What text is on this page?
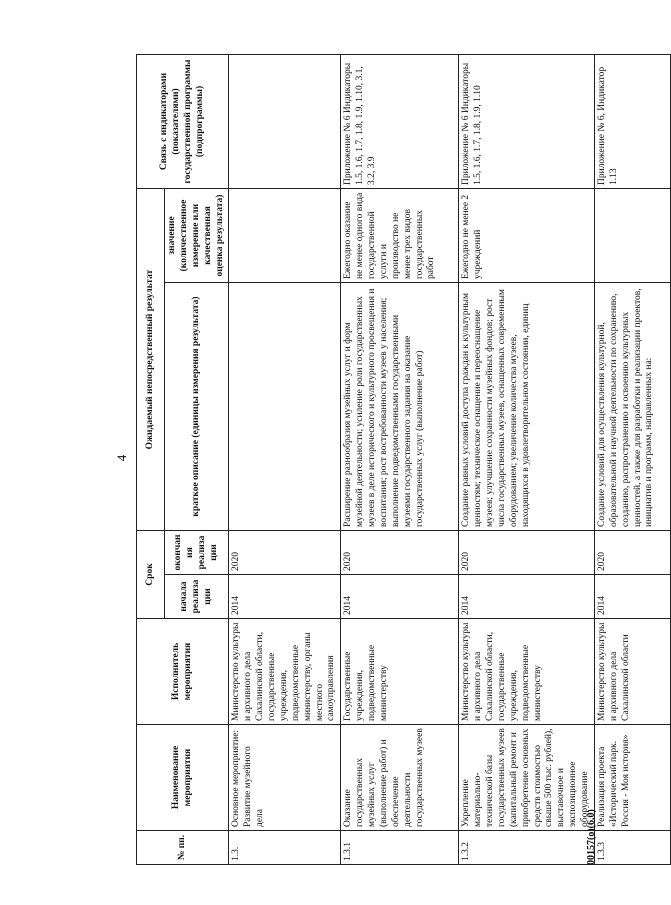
4
№ пп.	Наименование мероприятия	Исполнитель мероприятия	Срок		Ожидаемый непосредственный результат		Связь с индикаторами (показателями) государственной программы (подпрограммы)
			начала реализации	окончания реализации	краткое описание (единицы измерения результата)	значение (количественное измерение или качественная оценка результата)	
1.3.	Основное мероприятие: Развитие музейного дела	Министерство культуры и архивного дела Сахалинской области, государственные учреждения, подведомственные министерству, органы местного самоуправления	2014	2020			
1.3.1	Оказание государственных музейных услуг (выполнение работ) и обеспечение деятельности государственных музеев	Государственные учреждения, подведомственные министерству	2014	2020	Расширение разнообразия музейных услуг и форм музейной деятельности; усиление роли государственных музеев в деле исторического и культурного просвещения и воспитания; рост востребованности музеев у населения; выполнение подведомственными государственными музеями государственного задания на оказание государственных услуг (выполнение работ)	Ежегодно оказание не менее одного вида государственной услуги и производство не менее трех видов государственных работ	Приложение № 6 Индикаторы 1.5, 1.6, 1.7, 1.8, 1.9, 1.10, 3.1, 3.2, 3.9
1.3.2	Укрепление материально-технической базы государственных музеев (капитальный ремонт и приобретение основных средств стоимостью свыше 500 тыс. рублей), выставочное и экспозиционное оборудование	Министерство культуры и архивного дела Сахалинской области, государственные учреждения, подведомственные министерству	2014	2020	Создание равных условий доступа граждан к культурным ценностям; техническое оснащение и переоснащение музеев; улучшение сохранности музейных фондов; рост числа государственных музеев, оснащенных современным оборудованием; увеличение количества музеев, находящихся в удовлетворительном состоянии, единиц	Ежегодно не менее 2 учреждений	Приложение № 6 Индикаторы 1.5, 1.6, 1.7, 1.8, 1.9, 1.10
1.3.3	Реализация проекта «Исторический парк. Россия - Моя история»	Министерство культуры и архивного дела Сахалинской области	2014	2020	Создание условий для осуществления культурной, образовательной и научной деятельности по сохранению, созданию, распространению и освоению культурных ценностей, а также для разработки и реализации проектов, инициатив и программ, направленных на:		Приложение № 6, Индикатор 1.13
00157(o)(6.0)
